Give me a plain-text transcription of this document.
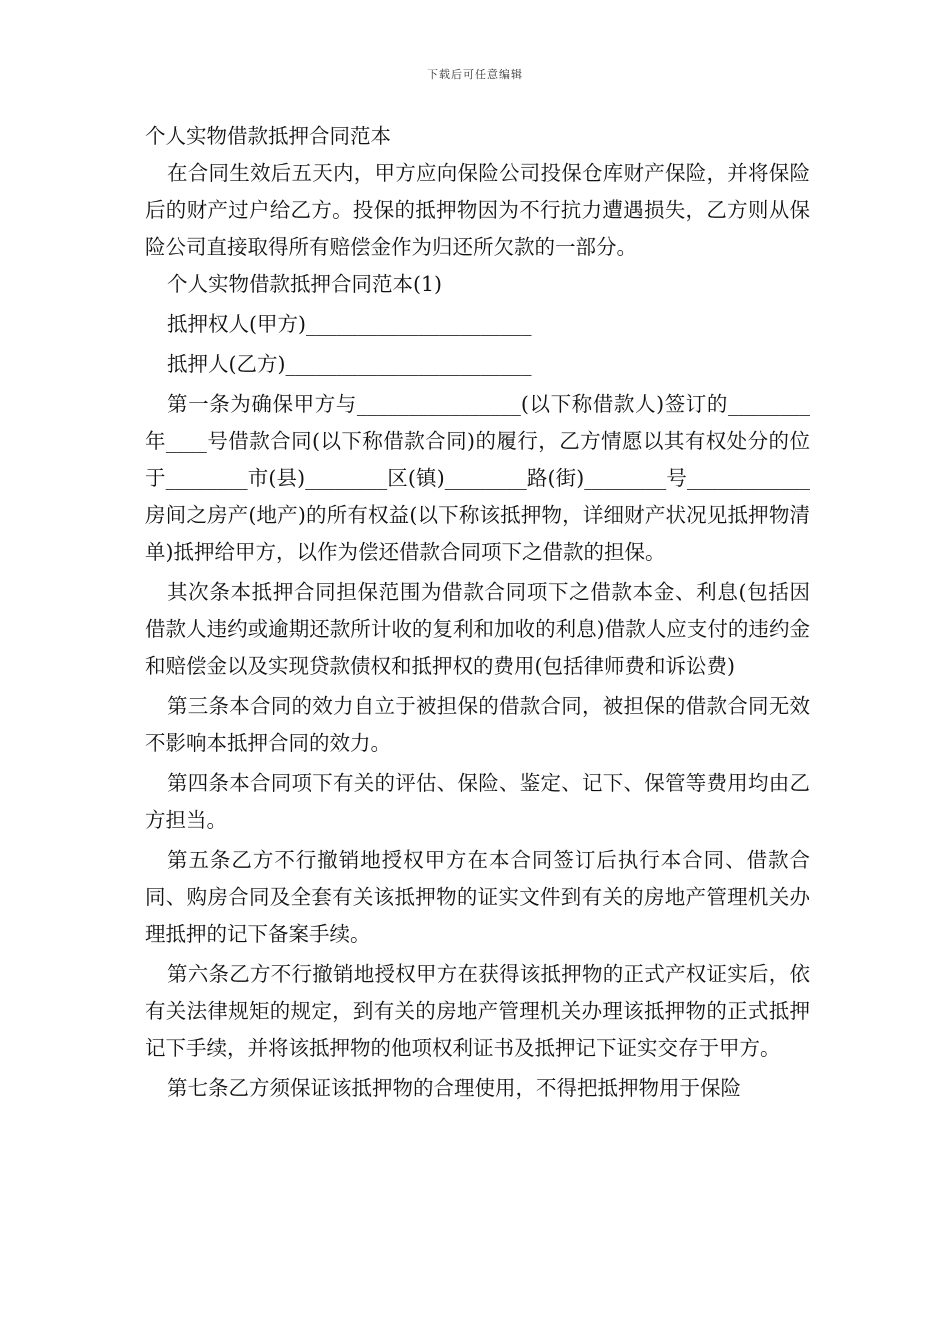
下载后可任意编辑

个人实物借款抵押合同范本

在合同生效后五天内，甲方应向保险公司投保仓库财产保险，并将保险后的财产过户给乙方。投保的抵押物因为不行抗力遭遇损失，乙方则从保险公司直接取得所有赔偿金作为归还所欠款的一部分。

个人实物借款抵押合同范本(1)

抵押权人(甲方)______________________

抵押人(乙方)________________________

第一条为确保甲方与________________(以下称借款人)签订的________年____号借款合同(以下称借款合同)的履行，乙方情愿以其有权处分的位于________市(县)________区(镇)________路(街)________号____________房间之房产(地产)的所有权益(以下称该抵押物，详细财产状况见抵押物清单)抵押给甲方，以作为偿还借款合同项下之借款的担保。

其次条本抵押合同担保范围为借款合同项下之借款本金、利息(包括因借款人违约或逾期还款所计收的复利和加收的利息)借款人应支付的违约金和赔偿金以及实现贷款债权和抵押权的费用(包括律师费和诉讼费)

第三条本合同的效力自立于被担保的借款合同，被担保的借款合同无效不影响本抵押合同的效力。

第四条本合同项下有关的评估、保险、鉴定、记下、保管等费用均由乙方担当。

第五条乙方不行撤销地授权甲方在本合同签订后执行本合同、借款合同、购房合同及全套有关该抵押物的证实文件到有关的房地产管理机关办理抵押的记下备案手续。

第六条乙方不行撤销地授权甲方在获得该抵押物的正式产权证实后，依有关法律规矩的规定，到有关的房地产管理机关办理该抵押物的正式抵押记下手续，并将该抵押物的他项权利证书及抵押记下证实交存于甲方。

第七条乙方须保证该抵押物的合理使用，不得把抵押物用于保险
